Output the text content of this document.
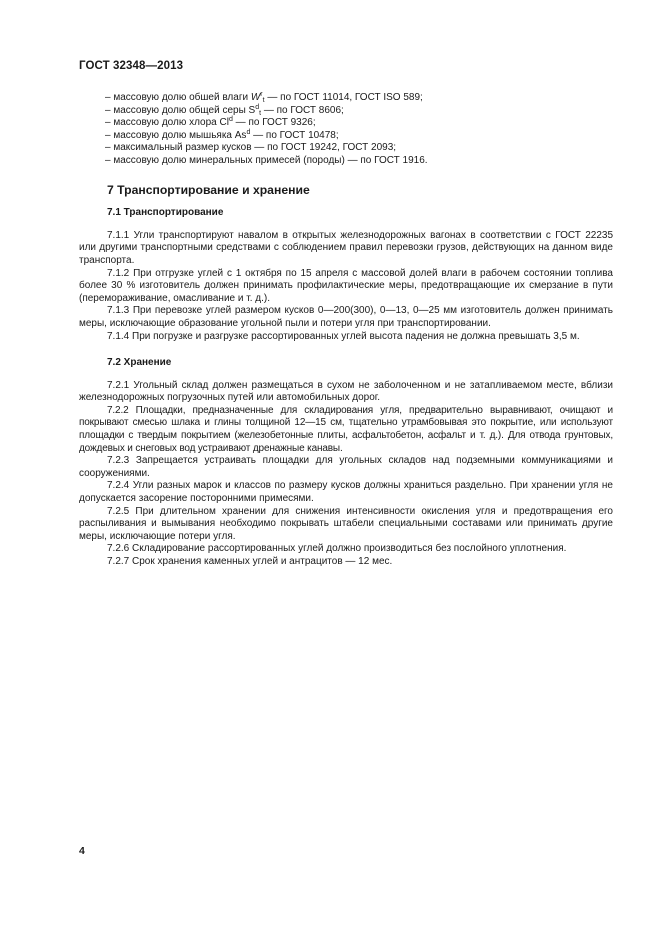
ГОСТ 32348—2013
– массовую долю обшей влаги $W^r_t$ — по ГОСТ 11014, ГОСТ ISO 589;
– массовую долю общей серы $S^d_t$ — по ГОСТ 8606;
– массовую долю хлора Cl$^d$ — по ГОСТ 9326;
– массовую долю мышьяка As$^d$ — по ГОСТ 10478;
– максимальный размер кусков — по ГОСТ 19242, ГОСТ 2093;
– массовую долю минеральных примесей (породы) — по ГОСТ 1916.
7 Транспортирование и хранение
7.1 Транспортирование

7.1.1 Угли транспортируют навалом в открытых железнодорожных вагонах в соответствии с ГОСТ 22235 или другими транспортными средствами с соблюдением правил перевозки грузов, действующих на данном виде транспорта.

7.1.2 При отгрузке углей с 1 октября по 15 апреля с массовой долей влаги в рабочем состоянии топлива более 30 % изготовитель должен принимать профилактические меры, предотвращающие их смерзание в пути (перемораживание, омасливание и т. д.).

7.1.3 При перевозке углей размером кусков 0—200(300), 0—13, 0—25 мм изготовитель должен принимать меры, исключающие образование угольной пыли и потери угля при транспортировании.

7.1.4 При погрузке и разгрузке рассортированных углей высота падения не должна превышать 3,5 м.

7.2 Хранение

7.2.1 Угольный склад должен размещаться в сухом не заболоченном и не затапливаемом месте, вблизи железнодорожных погрузочных путей или автомобильных дорог.

7.2.2 Площадки, предназначенные для складирования угля, предварительно выравнивают, очищают и покрывают смесью шлака и глины толщиной 12—15 см, тщательно утрамбовывая это покрытие, или используют площадки с твердым покрытием (железобетонные плиты, асфальтобетон, асфальт и т. д.). Для отвода грунтовых, дождевых и снеговых вод устраивают дренажные канавы.

7.2.3 Запрещается устраивать площадки для угольных складов над подземными коммуникациями и сооружениями.

7.2.4 Угли разных марок и классов по размеру кусков должны храниться раздельно. При хранении угля не допускается засорение посторонними примесями.

7.2.5 При длительном хранении для снижения интенсивности окисления угля и предотвращения его распыливания и вымывания необходимо покрывать штабели специальными составами или принимать другие меры, исключающие потери угля.

7.2.6 Складирование рассортированных углей должно производиться без послойного уплотнения.

7.2.7 Срок хранения каменных углей и антрацитов — 12 мес.

4
